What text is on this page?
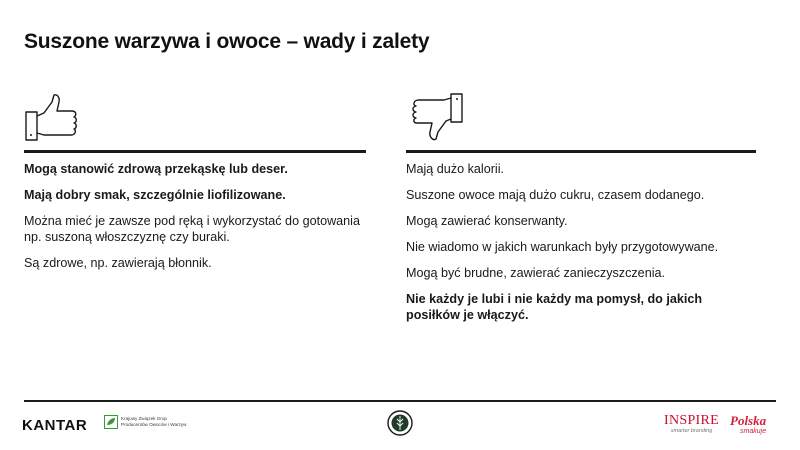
Suszone warzywa i owoce – wady i zalety
Mogą stanowić zdrową przekąskę lub deser.
Mają dobry smak, szczególnie liofilizowane.
Można mieć je zawsze pod ręką i wykorzystać do gotowania np. suszoną włoszczyznę czy buraki.
Są zdrowe, np. zawierają błonnik.
Mają dużo kalorii.
Suszone owoce mają dużo cukru, czasem dodanego.
Mogą zawierać konserwanty.
Nie wiadomo w jakich warunkach były przygotowywane.
Mogą być brudne, zawierać zanieczyszczenia.
Nie każdy je lubi i nie każdy ma pomysł, do jakich posiłków je włączyć.
KANTAR	Krajowy Związek Grup
Producentów Owoców i Warzyw	INSPIRE
smarter branding
Polska
smakuje
